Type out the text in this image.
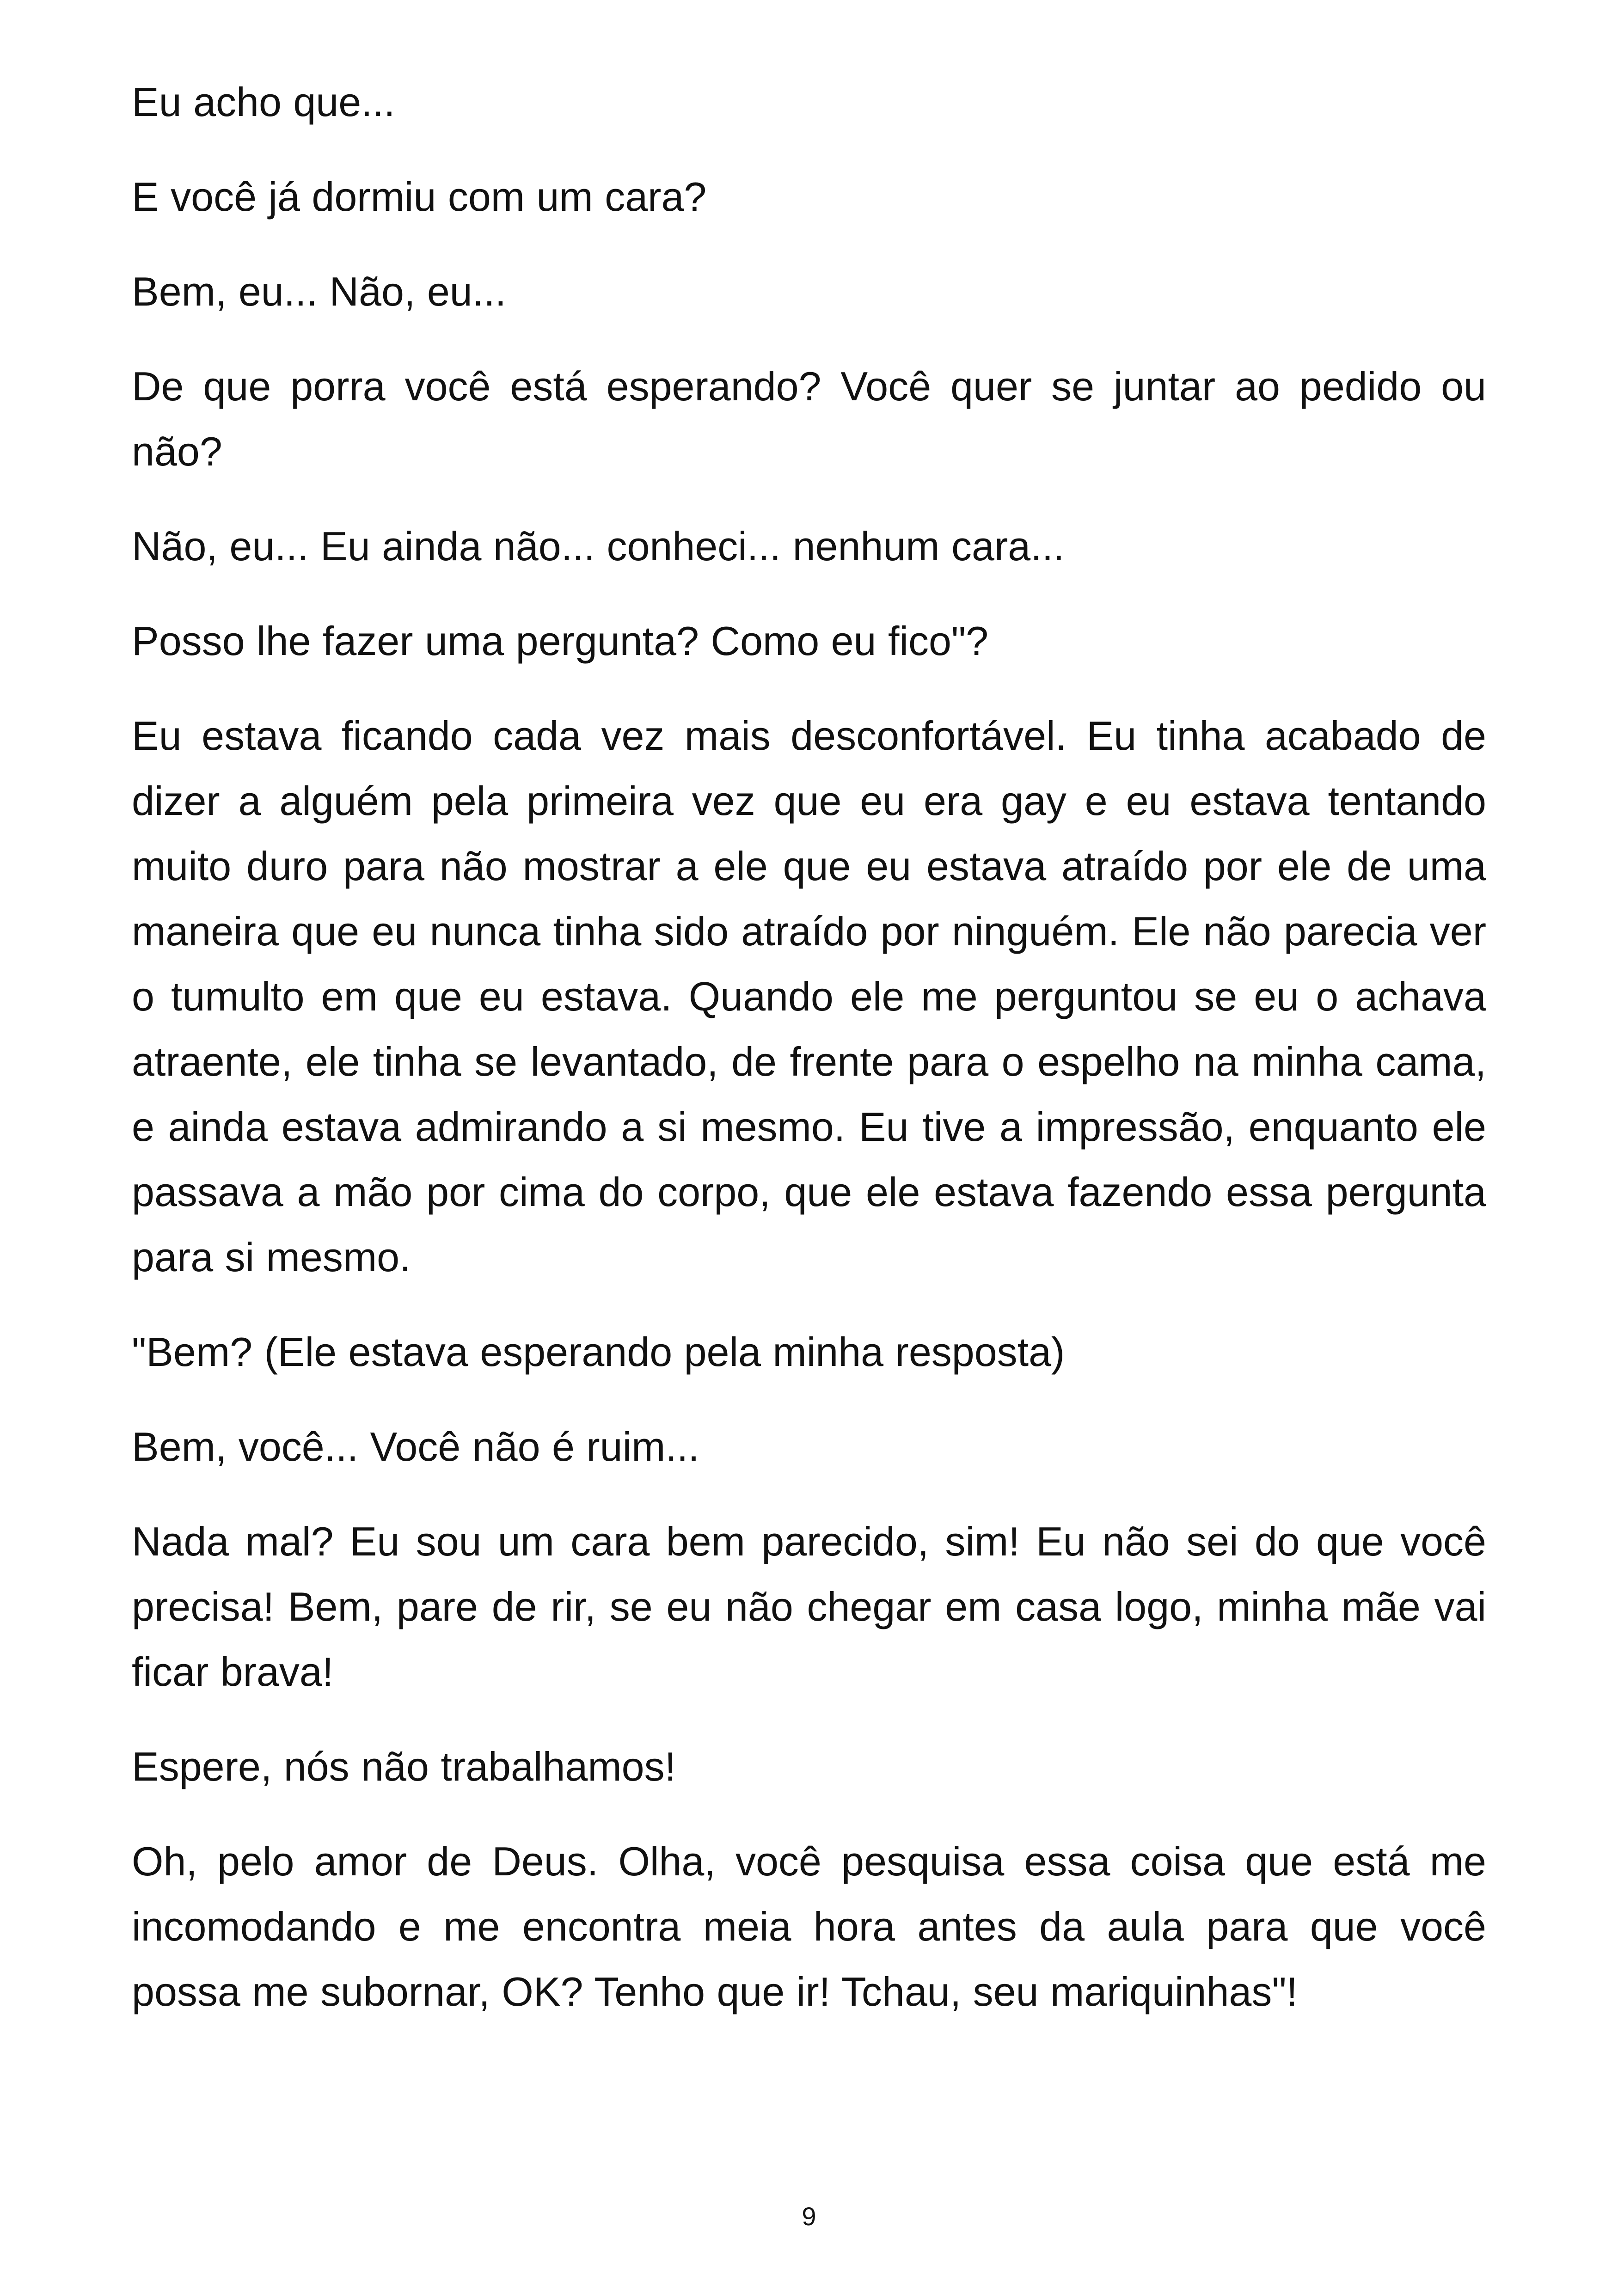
Eu acho que...

E você já dormiu com um cara?

Bem, eu... Não, eu...

De que porra você está esperando? Você quer se juntar ao pedido ou não?

Não, eu... Eu ainda não... conheci... nenhum cara...

Posso lhe fazer uma pergunta? Como eu fico"?

Eu estava ficando cada vez mais desconfortável. Eu tinha acabado de dizer a alguém pela primeira vez que eu era gay e eu estava tentando muito duro para não mostrar a ele que eu estava atraído por ele de uma maneira que eu nunca tinha sido atraído por ninguém. Ele não parecia ver o tumulto em que eu estava. Quando ele me perguntou se eu o achava atraente, ele tinha se levantado, de frente para o espelho na minha cama, e ainda estava admirando a si mesmo. Eu tive a impressão, enquanto ele passava a mão por cima do corpo, que ele estava fazendo essa pergunta para si mesmo.

"Bem? (Ele estava esperando pela minha resposta)

Bem, você... Você não é ruim...

Nada mal? Eu sou um cara bem parecido, sim! Eu não sei do que você precisa! Bem, pare de rir, se eu não chegar em casa logo, minha mãe vai ficar brava!

Espere, nós não trabalhamos!

Oh, pelo amor de Deus. Olha, você pesquisa essa coisa que está me incomodando e me encontra meia hora antes da aula para que você possa me subornar, OK? Tenho que ir! Tchau, seu mariquinhas"!

9
